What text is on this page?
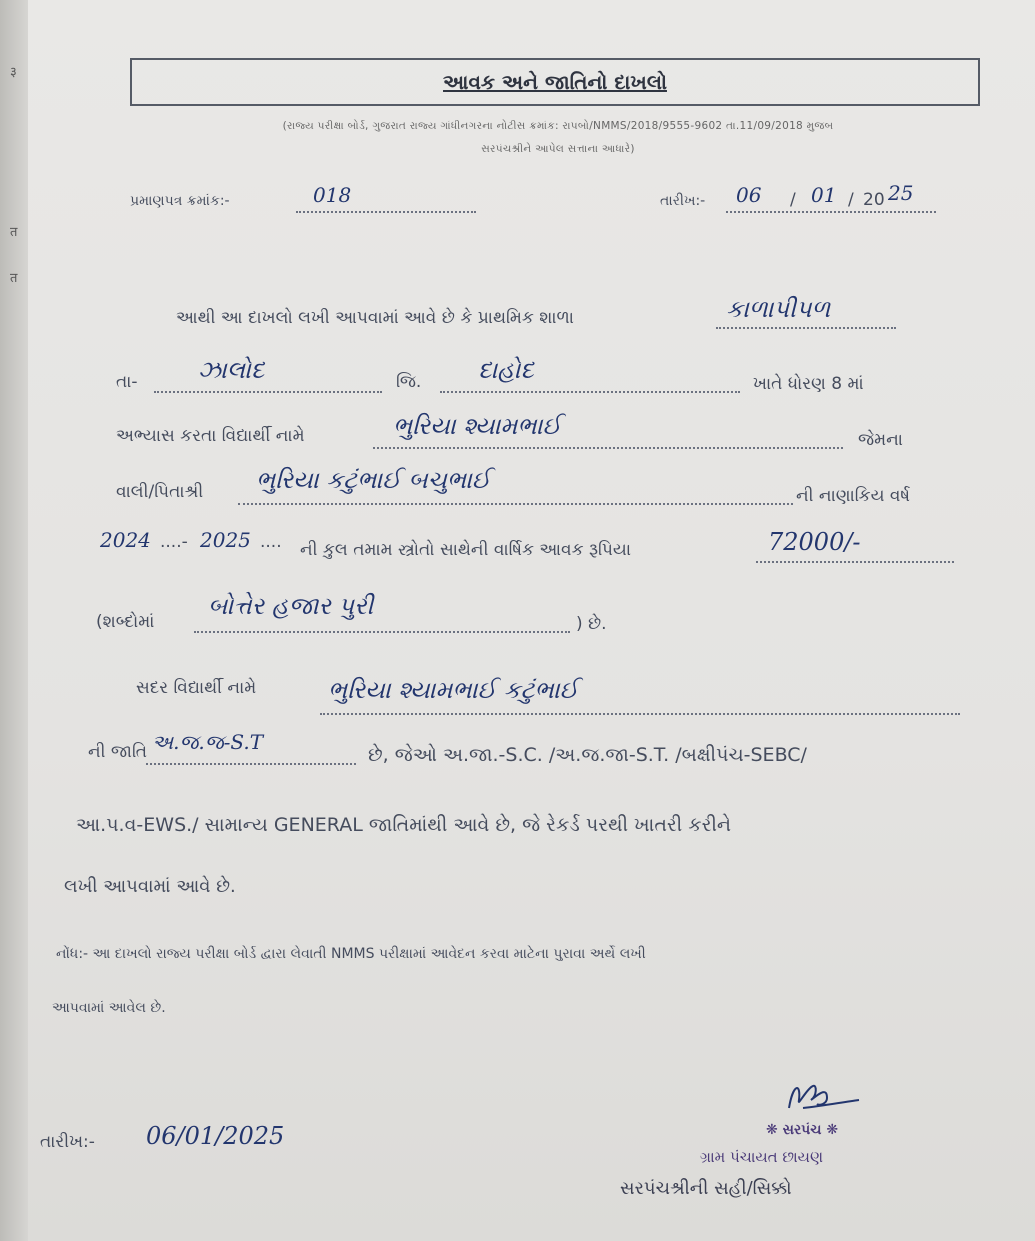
३
त
त
આવક અને જાતિનો દાખલો
(રાજ્ય પરીક્ષા બોર્ડ, ગુજરાત રાજ્ય ગાંધીનગરના નોટીસ ક્રમાંક: રાપબો/NMMS/2018/9555-9602 તા.11/09/2018 મુજબ
સરપંચશ્રીને આપેલ સત્તાના આધારે)
પ્રમાણપત્ર ક્રમાંક:-	018	તારીખ:- 06 / 01 / 20 25
આથી આ દાખલો લખી આપવામાં આવે છે કે પ્રાથમિક શાળા	કાળાપીપળ
તા-	ઝાલોદ	જિ. દાહોદ	ખાતે ધોરણ 8 માં
અભ્યાસ કરતા વિદ્યાર્થી નામે	ભુરિયા શ્યામભાઈ	જેમના
વાલી/પિતાશ્રી ભુરિયા કટુંભાઈ બચુભાઈ
ની નાણાકિય વર્ષ
2024 ....- 2025 .... ની કુલ તમામ સ્ત્રોતો સાથેની વાર્ષિક આવક રૂપિયા	72000/-
(શબ્દોમાં
બોત્તેર હજાર પુરી
) છે.
સદર વિદ્યાર્થી નામે	ભુરિયા શ્યામભાઈ કટુંભાઈ
ની જાતિ અ.જ.જ-S.T
છે, જેઓ અ.જા.-S.C. /અ.જ.જા-S.T. /બક્ષીપંચ-SEBC/
આ.પ.વ-EWS./ સામાન્ય GENERAL જાતિમાંથી આવે છે, જે રેકર્ડ પરથી ખાતરી કરીને
લખી આપવામાં આવે છે.
નોંધ:- આ દાખલો રાજ્ય પરીક્ષા બોર્ડ દ્વારા લેવાતી NMMS પરીક્ષામાં આવેદન કરવા માટેના પુરાવા અર્થે લખી
આપવામાં આવેલ છે.
તારીખ:- 06/01/2025	❋ સરપંચ ❋
ગ્રામ પંચાયત છાયણ
સરપંચશ્રીની સહી/સિક્કો
